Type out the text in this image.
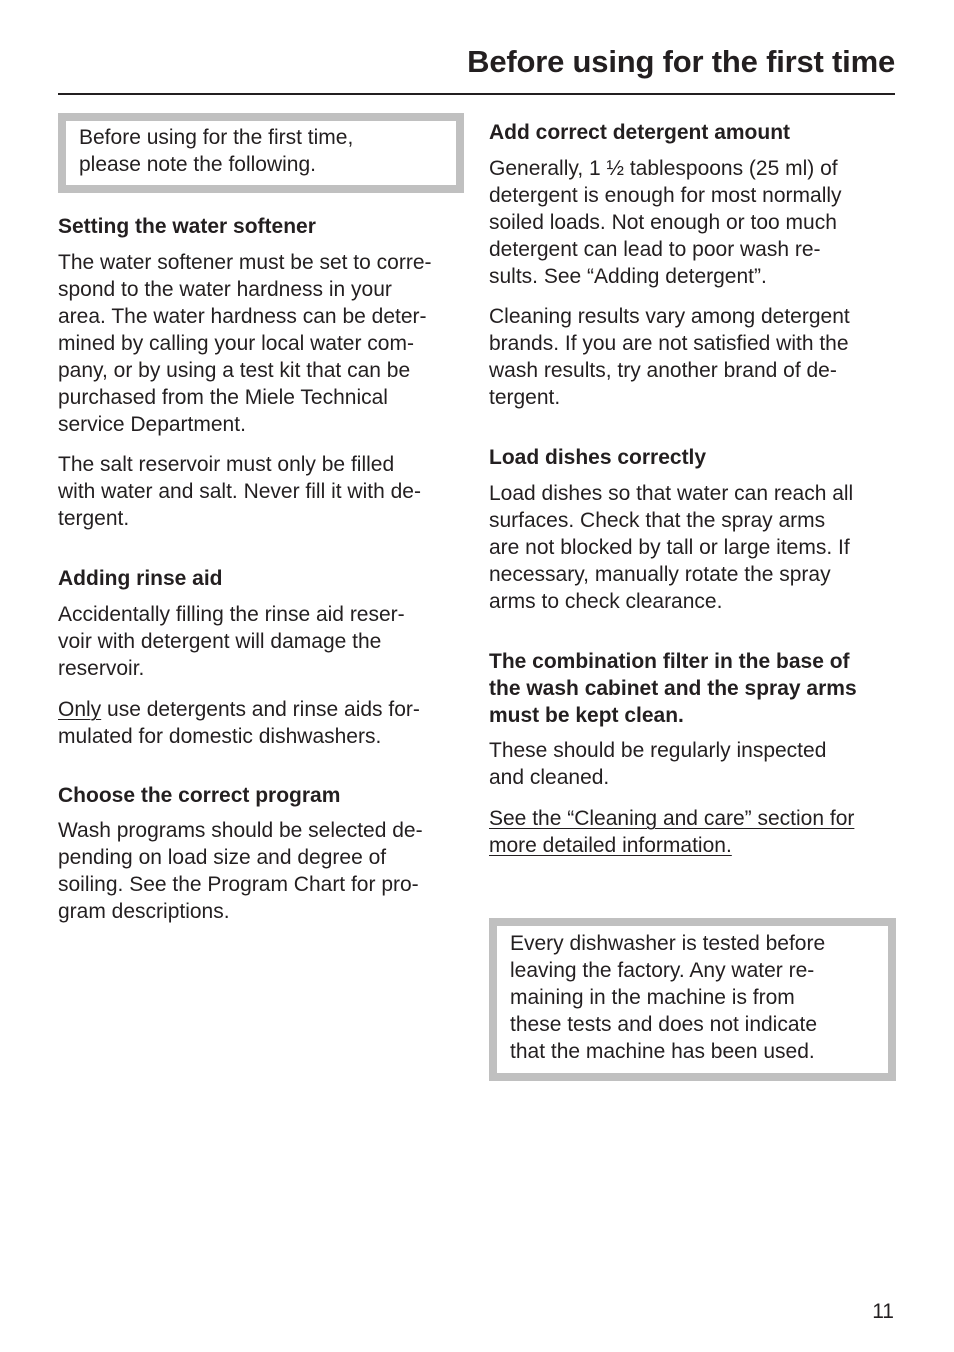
Before using for the first time
Before using for the first time,
please note the following.
Setting the water softener
The water softener must be set to corre-
spond to the water hardness in your
area. The water hardness can be deter-
mined by calling your local water com-
pany, or by using a test kit that can be
purchased from the Miele Technical
service Department.
The salt reservoir must only be filled
with water and salt. Never fill it with de-
tergent.
Adding rinse aid
Accidentally filling the rinse aid reser-
voir with detergent will damage the
reservoir.
Only use detergents and rinse aids for-
mulated for domestic dishwashers.
Choose the correct program
Wash programs should be selected de-
pending on load size and degree of
soiling. See the Program Chart for pro-
gram descriptions.
Add correct detergent amount
Generally, 1 ½ tablespoons (25 ml) of
detergent is enough for most normally
soiled loads. Not enough or too much
detergent can lead to poor wash re-
sults. See “Adding detergent”.
Cleaning results vary among detergent
brands. If you are not satisfied with the
wash results, try another brand of de-
tergent.
Load dishes correctly
Load dishes so that water can reach all
surfaces. Check that the spray arms
are not blocked by tall or large items. If
necessary, manually rotate the spray
arms to check clearance.
The combination filter in the base of
the wash cabinet and the spray arms
must be kept clean.
These should be regularly inspected
and cleaned.
See the “Cleaning and care” section for
more detailed information.
Every dishwasher is tested before
leaving the factory. Any water re-
maining in the machine is from
these tests and does not indicate
that the machine has been used.
11
